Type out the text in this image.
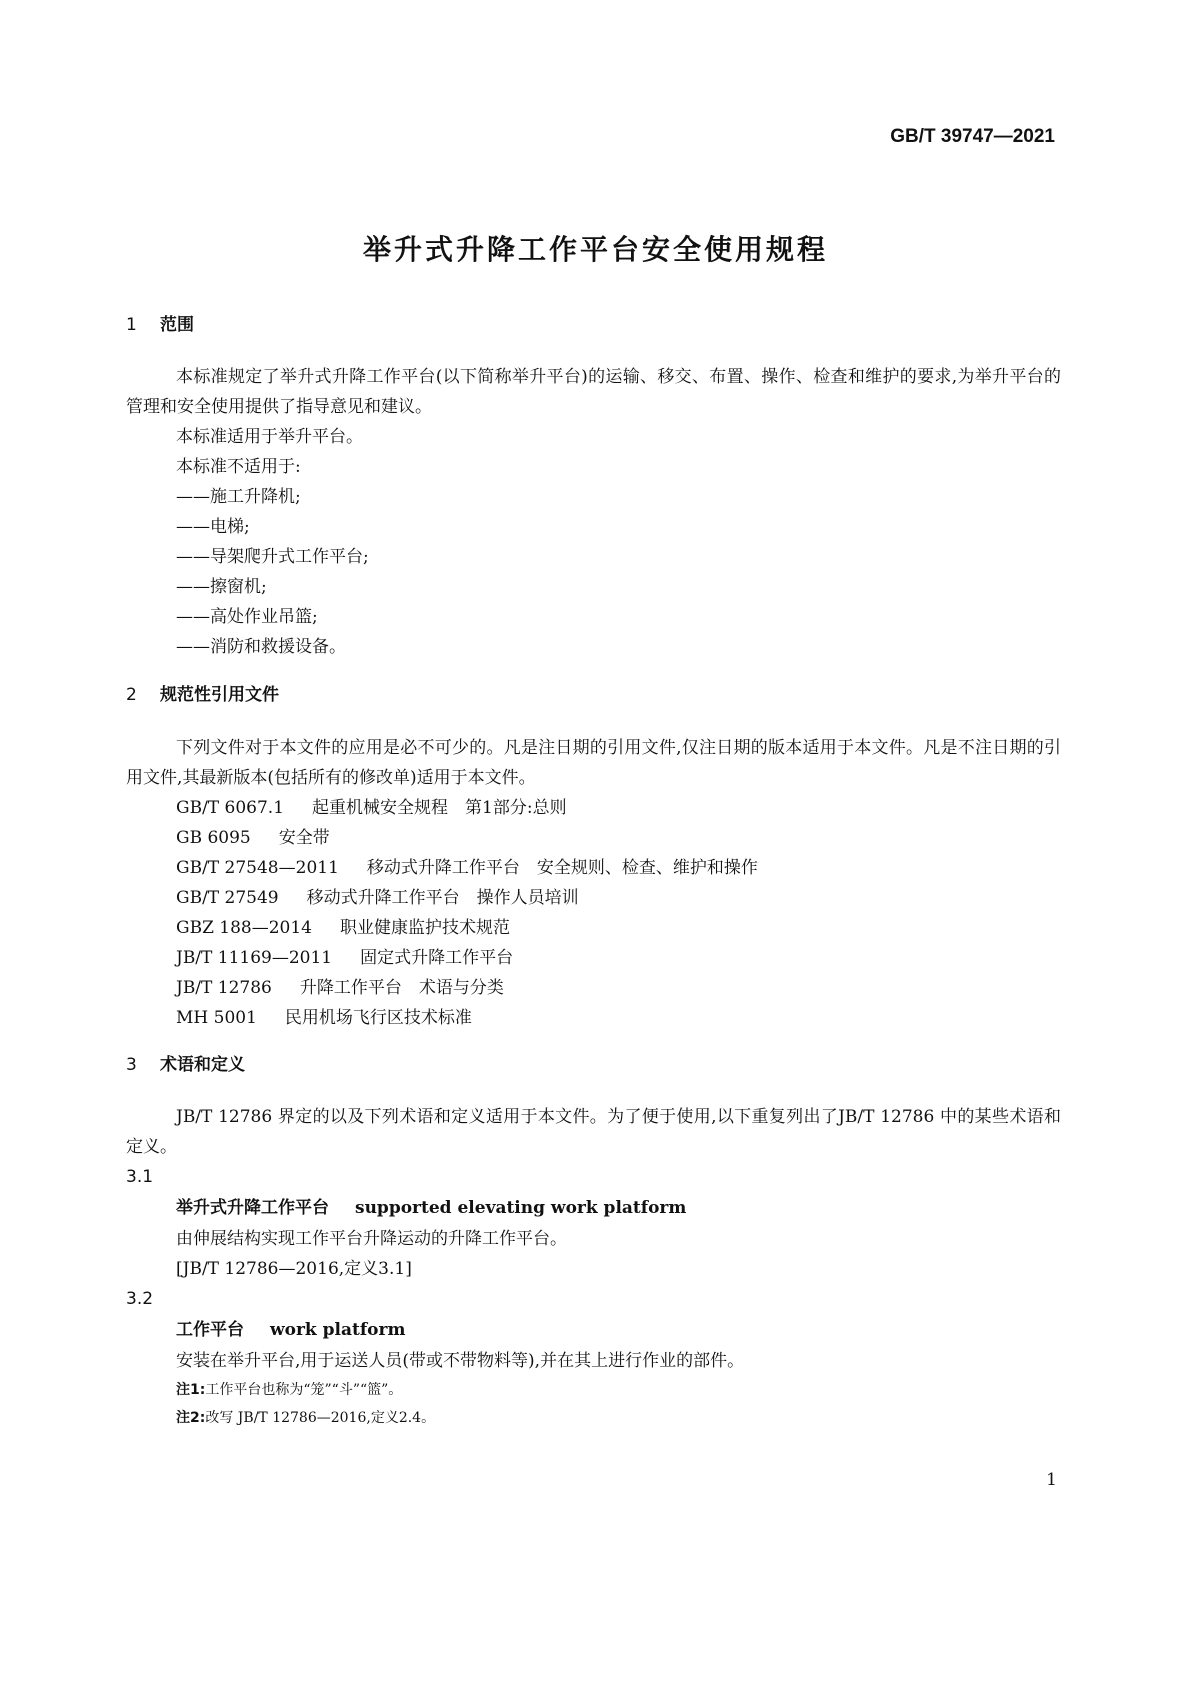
GB/T 39747—2021
举升式升降工作平台安全使用规程
1 范围

本标准规定了举升式升降工作平台(以下简称举升平台)的运输、移交、布置、操作、检查和维护的要求,为举升平台的管理和安全使用提供了指导意见和建议。

本标准适用于举升平台。

本标准不适用于:

——施工升降机;

——电梯;

——导架爬升式工作平台;

——擦窗机;

——高处作业吊篮;

——消防和救援设备。

2 规范性引用文件

下列文件对于本文件的应用是必不可少的。凡是注日期的引用文件,仅注日期的版本适用于本文件。凡是不注日期的引用文件,其最新版本(包括所有的修改单)适用于本文件。

GB/T 6067.1 起重机械安全规程　第1部分:总则

GB 6095 安全带

GB/T 27548—2011 移动式升降工作平台　安全规则、检查、维护和操作

GB/T 27549 移动式升降工作平台　操作人员培训

GBZ 188—2014 职业健康监护技术规范

JB/T 11169—2011 固定式升降工作平台

JB/T 12786 升降工作平台　术语与分类

MH 5001 民用机场飞行区技术标准

3 术语和定义

JB/T 12786 界定的以及下列术语和定义适用于本文件。为了便于使用,以下重复列出了JB/T 12786 中的某些术语和定义。

3.1

举升式升降工作平台 supported elevating work platform

由伸展结构实现工作平台升降运动的升降工作平台。

[JB/T 12786—2016,定义3.1]

3.2

工作平台 work platform

安装在举升平台,用于运送人员(带或不带物料等),并在其上进行作业的部件。

注1:工作平台也称为“笼”“斗”“篮”。

注2:改写 JB/T 12786—2016,定义2.4。

1
